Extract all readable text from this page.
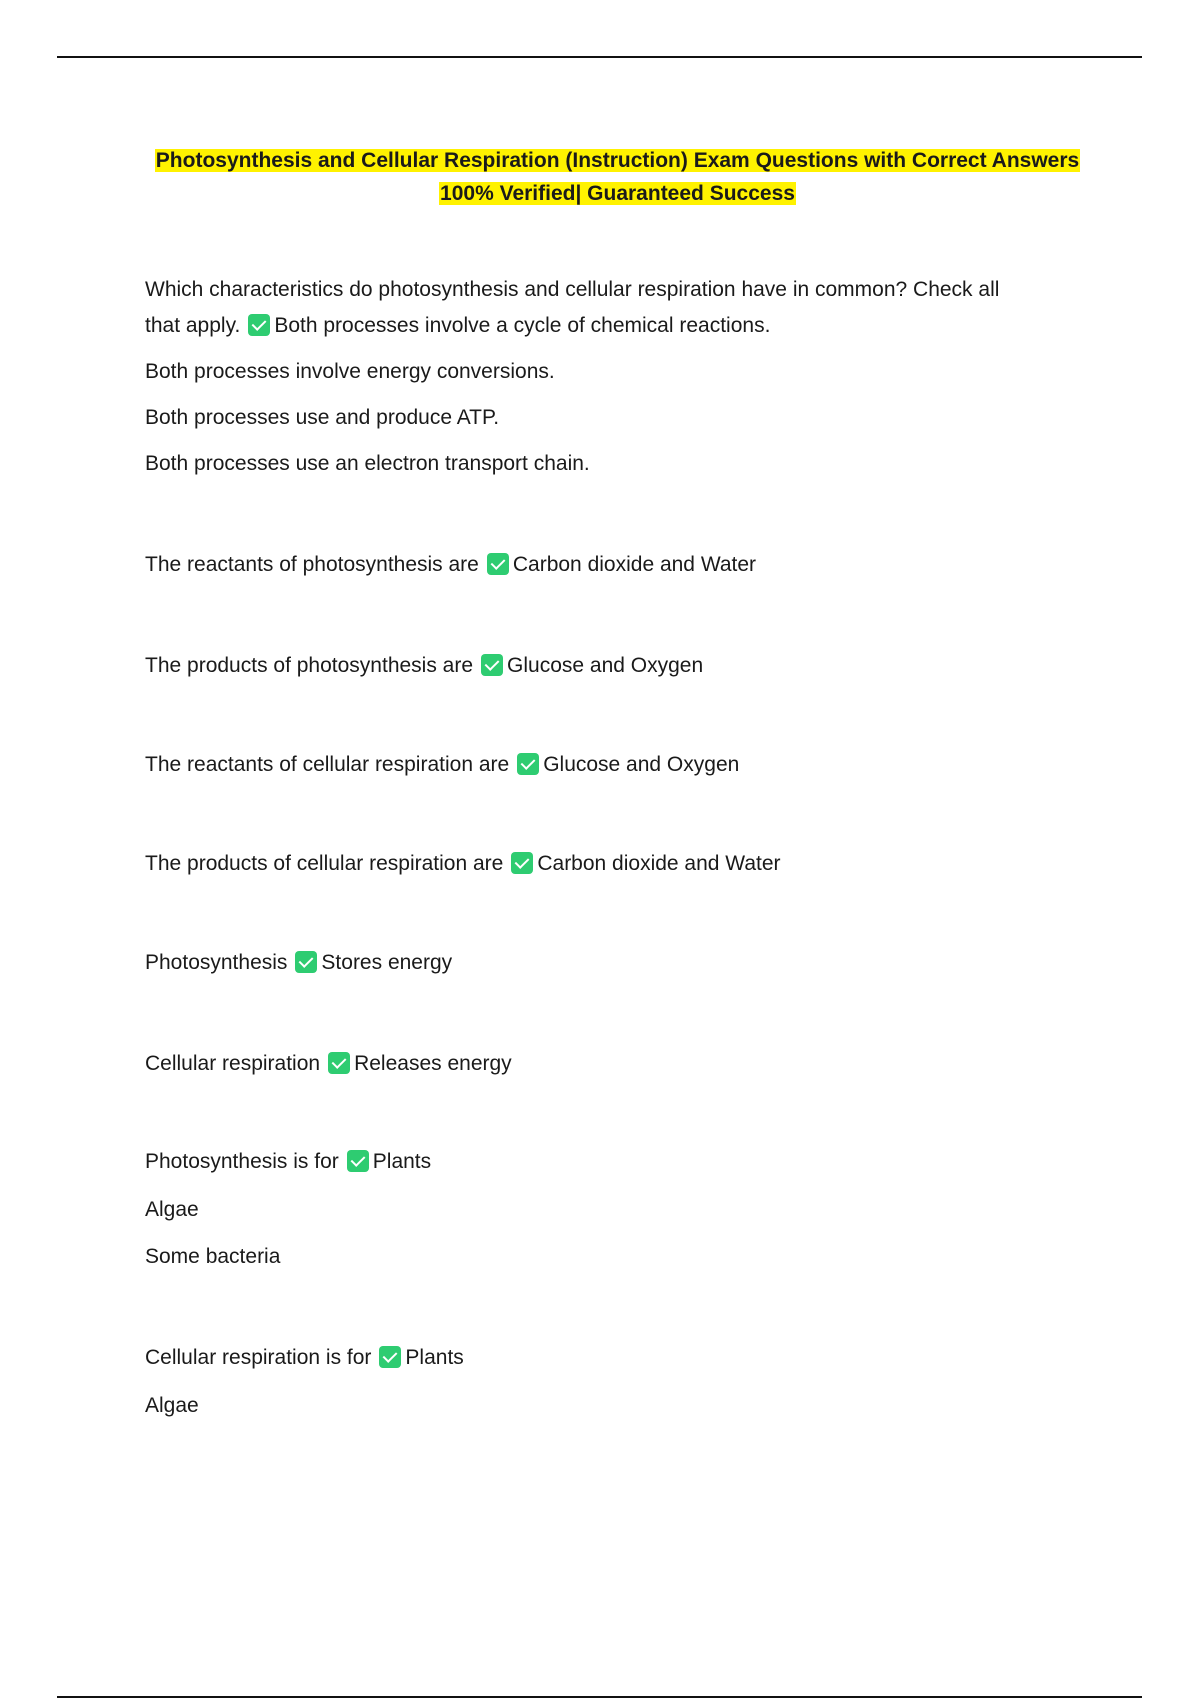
Photosynthesis and Cellular Respiration (Instruction) Exam Questions with Correct Answers
100% Verified| Guaranteed Success

Which characteristics do photosynthesis and cellular respiration have in common? Check all
that apply. Both processes involve a cycle of chemical reactions.

Both processes involve energy conversions.

Both processes use and produce ATP.

Both processes use an electron transport chain.

The reactants of photosynthesis are Carbon dioxide and Water
The products of photosynthesis are Glucose and Oxygen
The reactants of cellular respiration are Glucose and Oxygen
The products of cellular respiration are Carbon dioxide and Water
Photosynthesis Stores energy
Cellular respiration Releases energy

Photosynthesis is for Plants

Algae

Some bacteria

Cellular respiration is for Plants

Algae
